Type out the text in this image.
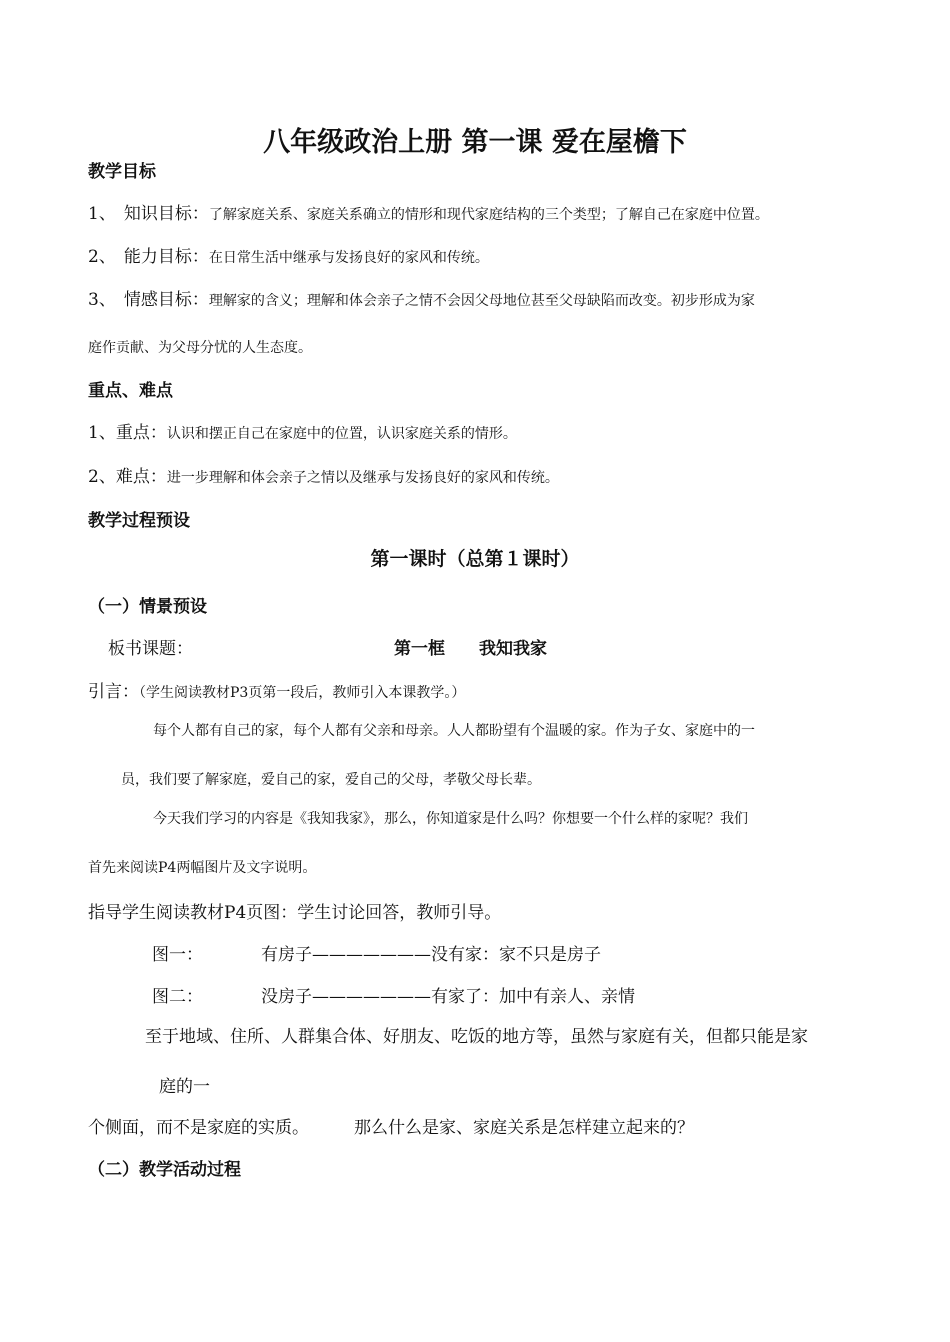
八年级政治上册 第一课 爱在屋檐下
教学目标
1、 知识目标：了解家庭关系、家庭关系确立的情形和现代家庭结构的三个类型；了解自己在家庭中位置。
2、 能力目标：在日常生活中继承与发扬良好的家风和传统。
3、 情感目标：理解家的含义；理解和体会亲子之情不会因父母地位甚至父母缺陷而改变。初步形成为家
庭作贡献、为父母分忧的人生态度。
重点、难点
1、重点：认识和摆正自己在家庭中的位置，认识家庭关系的情形。
2、难点：进一步理解和体会亲子之情以及继承与发扬良好的家风和传统。
教学过程预设
第一课时（总第１课时）
（一）情景预设
板书课题：	第一框　　我知我家
引言：（学生阅读教材P3页第一段后，教师引入本课教学。）
每个人都有自己的家，每个人都有父亲和母亲。人人都盼望有个温暖的家。作为子女、家庭中的一
员，我们要了解家庭，爱自己的家，爱自己的父母，孝敬父母长辈。
今天我们学习的内容是《我知我家》，那么，你知道家是什么吗？你想要一个什么样的家呢？我们
首先来阅读P4两幅图片及文字说明。
指导学生阅读教材P4页图：学生讨论回答，教师引导。
图一：	有房子———————没有家：家不只是房子
图二：	没房子———————有家了：加中有亲人、亲情
至于地域、住所、人群集合体、好朋友、吃饭的地方等，虽然与家庭有关，但都只能是家
庭的一
个侧面，而不是家庭的实质。	那么什么是家、家庭关系是怎样建立起来的？
（二）教学活动过程
